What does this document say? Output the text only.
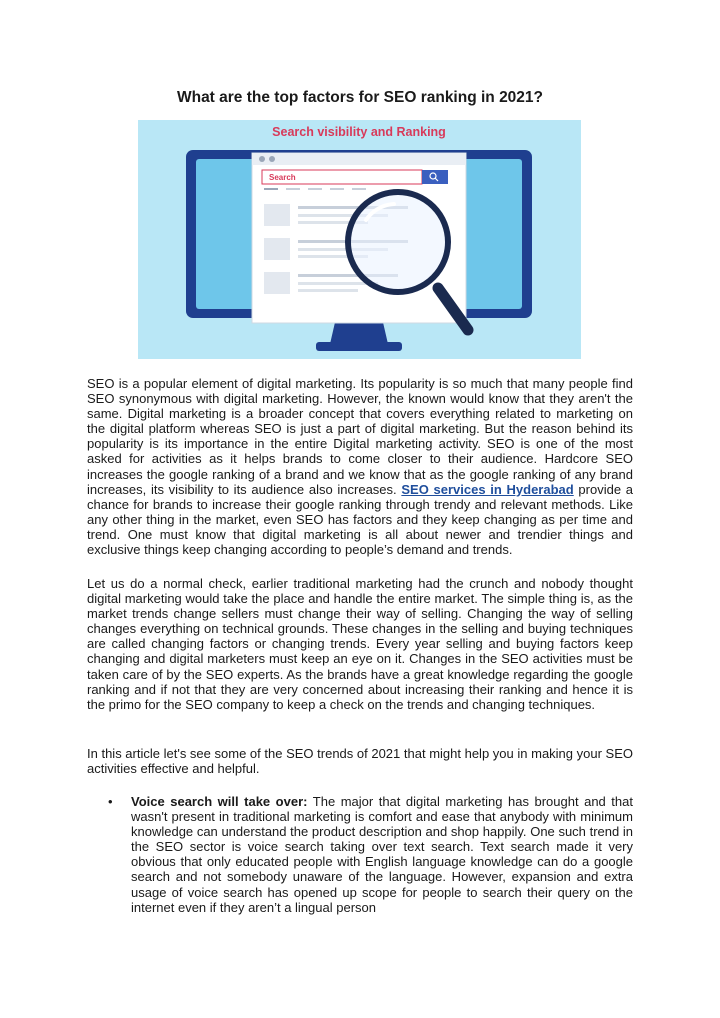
What are the top factors for SEO ranking in 2021?
Search visibility and Ranking
Search

SEO is a popular element of digital marketing. Its popularity is so much that many people find SEO synonymous with digital marketing. However, the known would know that they aren't the same. Digital marketing is a broader concept that covers everything related to marketing on the digital platform whereas SEO is just a part of digital marketing. But the reason behind its popularity is its importance in the entire Digital marketing activity. SEO is one of the most asked for activities as it helps brands to come closer to their audience. Hardcore SEO increases the google ranking of a brand and we know that as the google ranking of any brand increases, its visibility to its audience also increases. SEO services in Hyderabad provide a chance for brands to increase their google ranking through trendy and relevant methods. Like any other thing in the market, even SEO has factors and they keep changing as per time and trend. One must know that digital marketing is all about newer and trendier things and exclusive things keep changing according to people’s demand and trends.

Let us do a normal check, earlier traditional marketing had the crunch and nobody thought digital marketing would take the place and handle the entire market. The simple thing is, as the market trends change sellers must change their way of selling. Changing the way of selling changes everything on technical grounds. These changes in the selling and buying techniques are called changing factors or changing trends. Every year selling and buying factors keep changing and digital marketers must keep an eye on it. Changes in the SEO activities must be taken care of by the SEO experts. As the brands have a great knowledge regarding the google ranking and if not that they are very concerned about increasing their ranking and hence it is the primo for the SEO company to keep a check on the trends and changing techniques.

In this article let's see some of the SEO trends of 2021 that might help you in making your SEO activities effective and helpful.

• Voice search will take over: The major that digital marketing has brought and that wasn't present in traditional marketing is comfort and ease that anybody with minimum knowledge can understand the product description and shop happily. One such trend in the SEO sector is voice search taking over text search. Text search made it very obvious that only educated people with English language knowledge can do a google search and not somebody unaware of the language. However, expansion and extra usage of voice search has opened up scope for people to search their query on the internet even if they aren’t a lingual person
